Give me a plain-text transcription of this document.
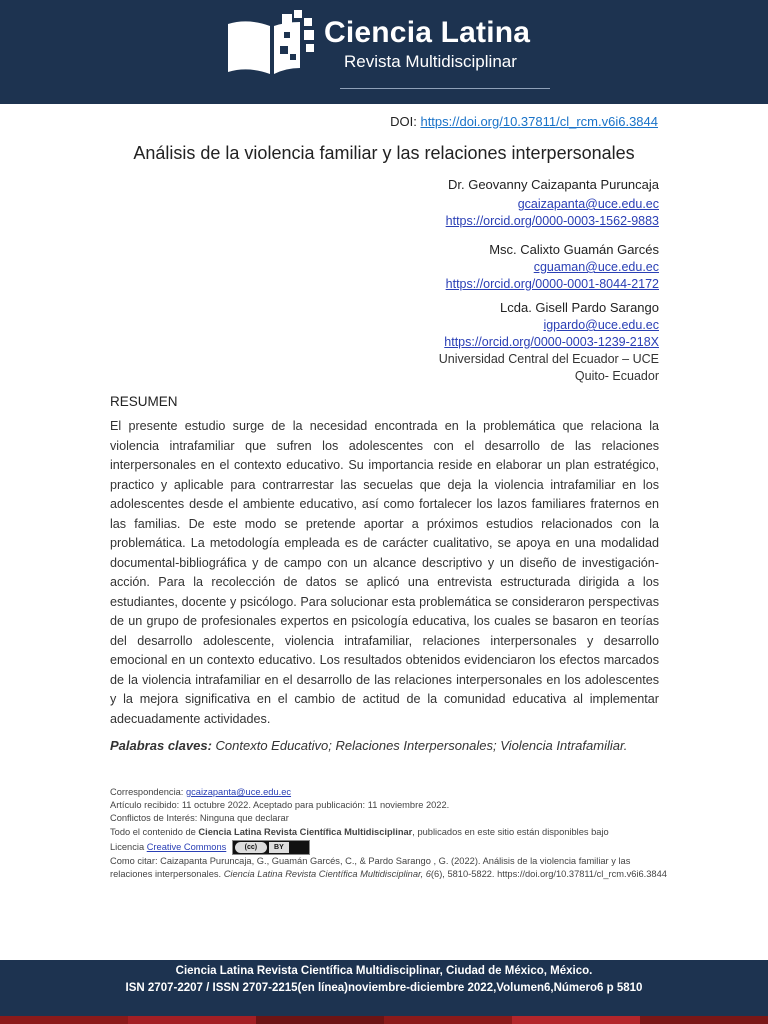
Ciencia Latina
Revista Multidisciplinar
DOI: https://doi.org/10.37811/cl_rcm.v6i6.3844
Análisis de la violencia familiar y las relaciones interpersonales
Dr. Geovanny Caizapanta Puruncaja
gcaizapanta@uce.edu.ec
https://orcid.org/0000-0003-1562-9883
Msc. Calixto Guamán Garcés
cguaman@uce.edu.ec
https://orcid.org/0000-0001-8044-2172
Lcda. Gisell Pardo Sarango
igpardo@uce.edu.ec
https://orcid.org/0000-0003-1239-218X
Universidad Central del Ecuador – UCE
Quito- Ecuador
RESUMEN
El presente estudio surge de la necesidad encontrada en la problemática que relaciona la violencia intrafamiliar que sufren los adolescentes con el desarrollo de las relaciones interpersonales en el contexto educativo. Su importancia reside en elaborar un plan estratégico, practico y aplicable para contrarrestar las secuelas que deja la violencia intrafamiliar en los adolescentes desde el ambiente educativo, así como fortalecer los lazos familiares fraternos en las familias. De este modo se pretende aportar a próximos estudios relacionados con la problemática. La metodología empleada es de carácter cualitativo, se apoya en una modalidad documental-bibliográfica y de campo con un alcance descriptivo y un diseño de investigación-acción. Para la recolección de datos se aplicó una entrevista estructurada dirigida a los estudiantes, docente y psicólogo. Para solucionar esta problemática se consideraron perspectivas de un grupo de profesionales expertos en psicología educativa, los cuales se basaron en teorías del desarrollo adolescente, violencia intrafamiliar, relaciones interpersonales y desarrollo emocional en un contexto educativo. Los resultados obtenidos evidenciaron los efectos marcados de la violencia intrafamiliar en el desarrollo de las relaciones interpersonales en los adolescentes y la mejora significativa en el cambio de actitud de la comunidad educativa al implementar adecuadamente actividades.
Palabras claves: Contexto Educativo; Relaciones Interpersonales; Violencia Intrafamiliar.
Correspondencia: gcaizapanta@uce.edu.ec
Artículo recibido: 11 octubre 2022. Aceptado para publicación: 11 noviembre 2022.
Conflictos de Interés: Ninguna que declarar
Todo el contenido de Ciencia Latina Revista Científica Multidisciplinar, publicados en este sitio están disponibles bajo
Licencia Creative Commons	(cc)	BY
Como citar: Caizapanta Puruncaja, G., Guamán Garcés, C., & Pardo Sarango , G. (2022). Análisis de la violencia familiar y las relaciones interpersonales. Ciencia Latina Revista Científica Multidisciplinar, 6(6), 5810-5822. https://doi.org/10.37811/cl_rcm.v6i6.3844
Ciencia Latina Revista Científica Multidisciplinar, Ciudad de México, México.
ISN 2707-2207 / ISSN 2707-2215(en línea)noviembre-diciembre 2022,Volumen6,Número6 p 5810
